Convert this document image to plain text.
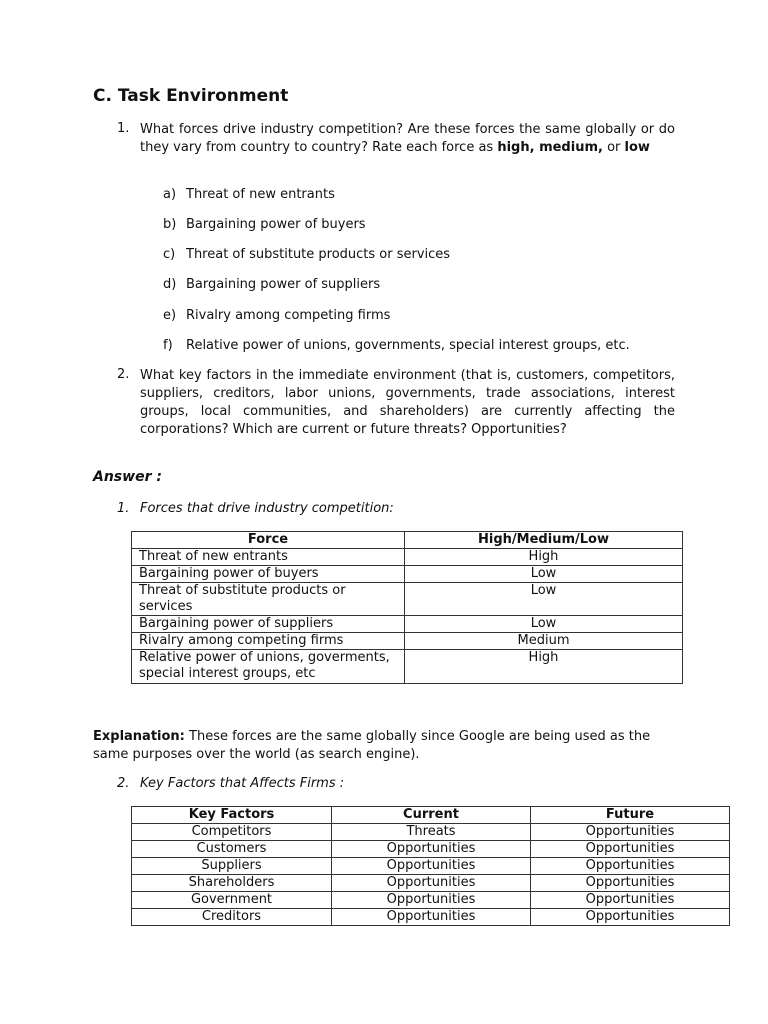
C. Task Environment
1. What forces drive industry competition? Are these forces the same globally or do they vary from country to country? Rate each force as high, medium, or low
a) Threat of new entrants
b) Bargaining power of buyers
c) Threat of substitute products or services
d) Bargaining power of suppliers
e) Rivalry among competing firms
f) Relative power of unions, governments, special interest groups, etc.
2. What key factors in the immediate environment (that is, customers, competitors, suppliers, creditors, labor unions, governments, trade associations, interest groups, local communities, and shareholders) are currently affecting the corporations? Which are current or future threats? Opportunities?
Answer :
1. Forces that drive industry competition:
Force	High/Medium/Low
Threat of new entrants	High
Bargaining power of buyers	Low
Threat of substitute products or services	Low
Bargaining power of suppliers	Low
Rivalry among competing firms	Medium
Relative power of unions, goverments, special interest groups, etc	High
Explanation: These forces are the same globally since Google are being used as the same purposes over the world (as search engine).
2. Key Factors that Affects Firms :
Key Factors	Current	Future
Competitors	Threats	Opportunities
Customers	Opportunities	Opportunities
Suppliers	Opportunities	Opportunities
Shareholders	Opportunities	Opportunities
Government	Opportunities	Opportunities
Creditors	Opportunities	Opportunities
